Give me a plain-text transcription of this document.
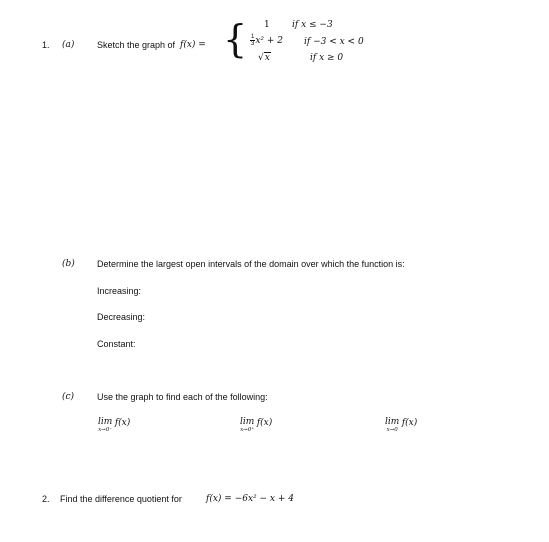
1. (a)	Sketch the graph of f(x) = { 1 if x ≤ −3
$\frac{1}{3} x^2 + 2$ if −3 < x < 0
√x	if x ≥ 0
(b) Determine the largest open intervals of the domain over which the function is:
Increasing:
Decreasing:
Constant:
(c)	Use the graph to find each of the following:
lim
x→0⁻
f(x)	lim
x→0⁺
f(x)	lim
x→0
f(x)
2. Find the difference quotient for	f(x) = −6x² − x + 4
